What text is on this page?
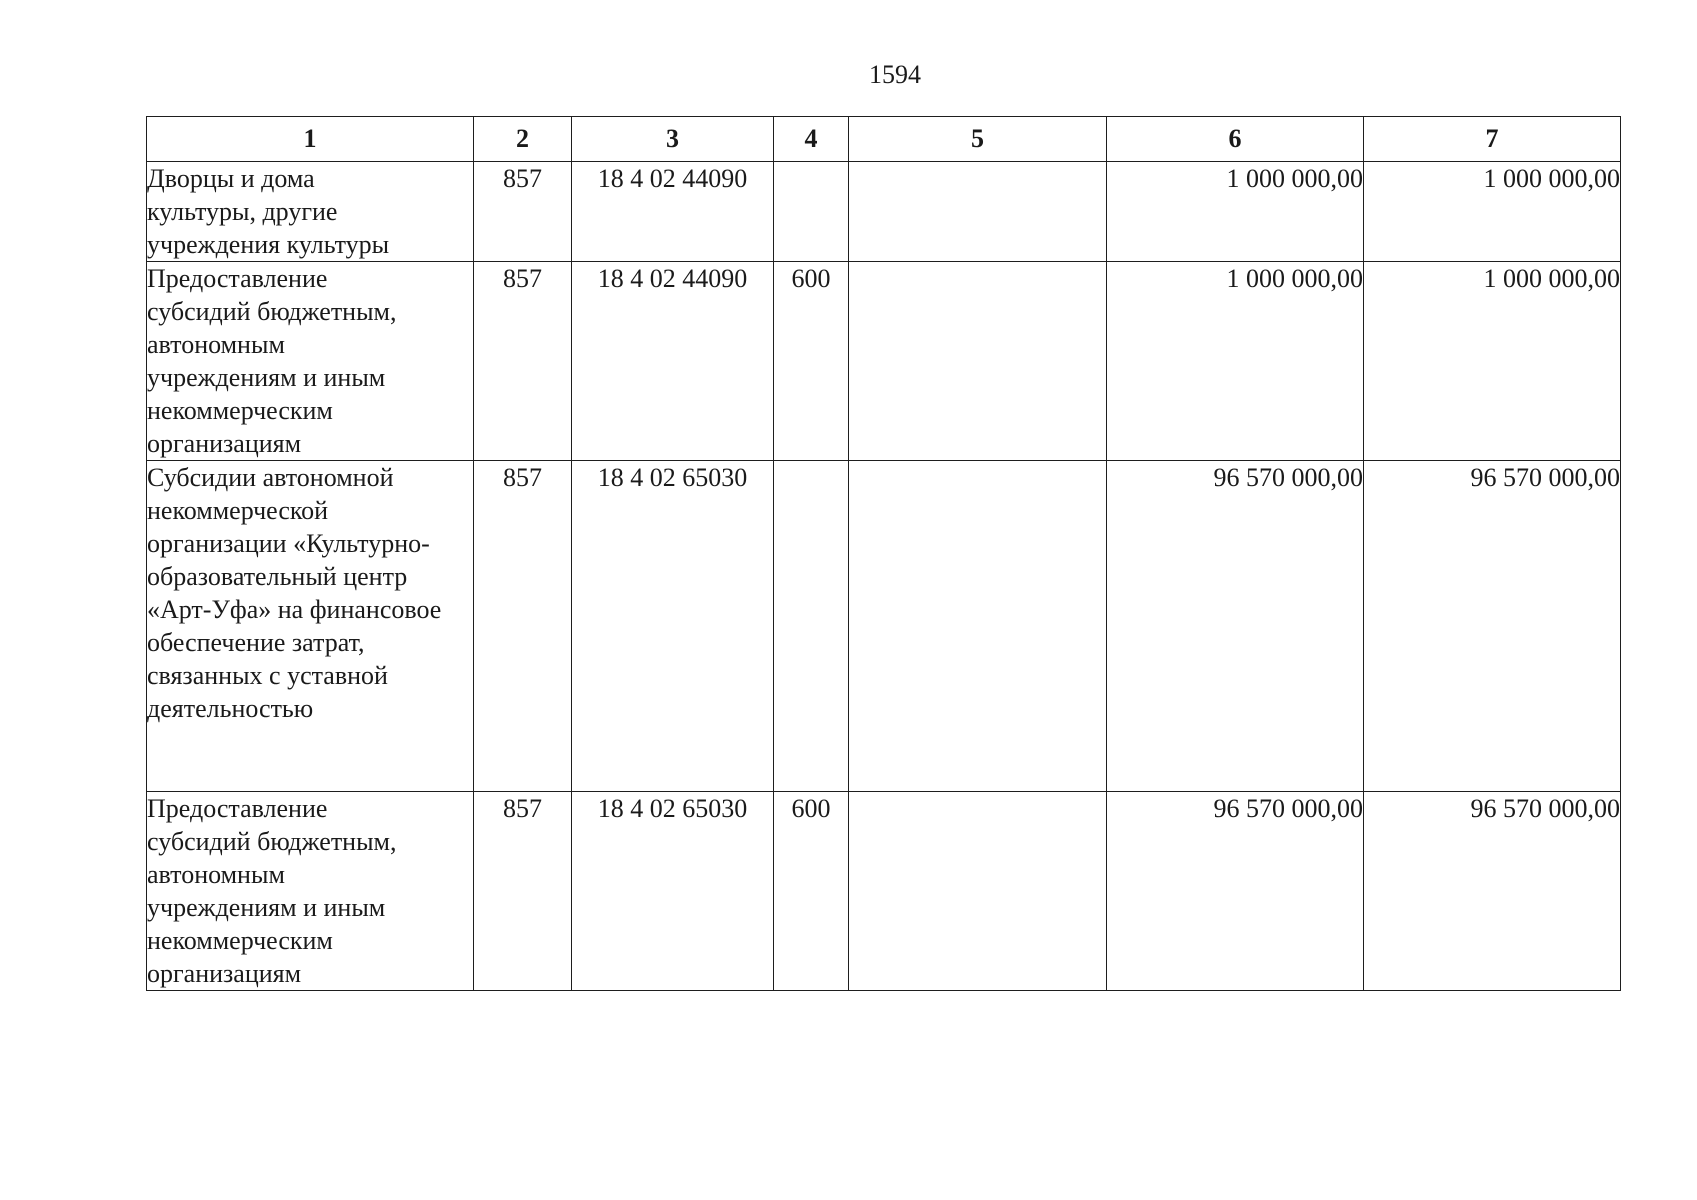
1594
1	2	3	4	5	6	7

Дворцы и дома культуры, другие учреждения культуры	857	18 4 02 44090			1 000 000,00	1 000 000,00

Предоставление субсидий бюджетным, автономным учреждениям и иным некоммерческим организациям	857	18 4 02 44090	600		1 000 000,00	1 000 000,00

Субсидии автономной некоммерческой организации «Культурно-образовательный центр «Арт-Уфа» на финансовое обеспечение затрат, связанных с уставной деятельностью	857	18 4 02 65030			96 570 000,00	96 570 000,00

Предоставление субсидий бюджетным, автономным учреждениям и иным некоммерческим организациям	857	18 4 02 65030	600		96 570 000,00	96 570 000,00
